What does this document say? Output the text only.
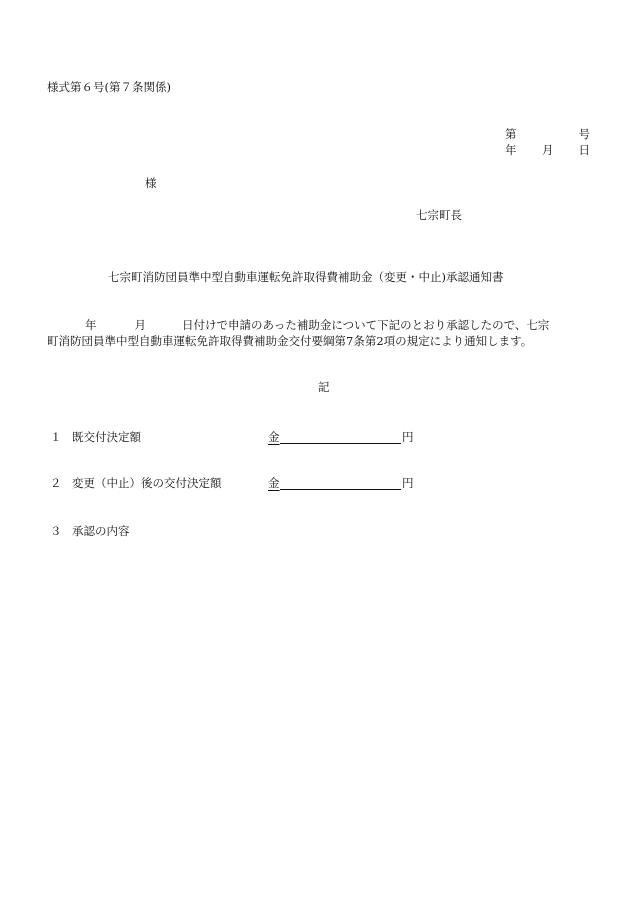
様式第６号(第７条関係)
第	号
年 月 日
様
七宗町長
七宗町消防団員準中型自動車運転免許取得費補助金（変更・中止)承認通知書
年	月	日付けで申請のあった補助金について下記のとおり承認したので、七宗
町消防団員準中型自動車運転免許取得費補助金交付要綱第7条第2項の規定により通知します。
記
１ 既交付決定額	金	円
２ 変更（中止）後の交付決定額	金	円
３ 承認の内容
